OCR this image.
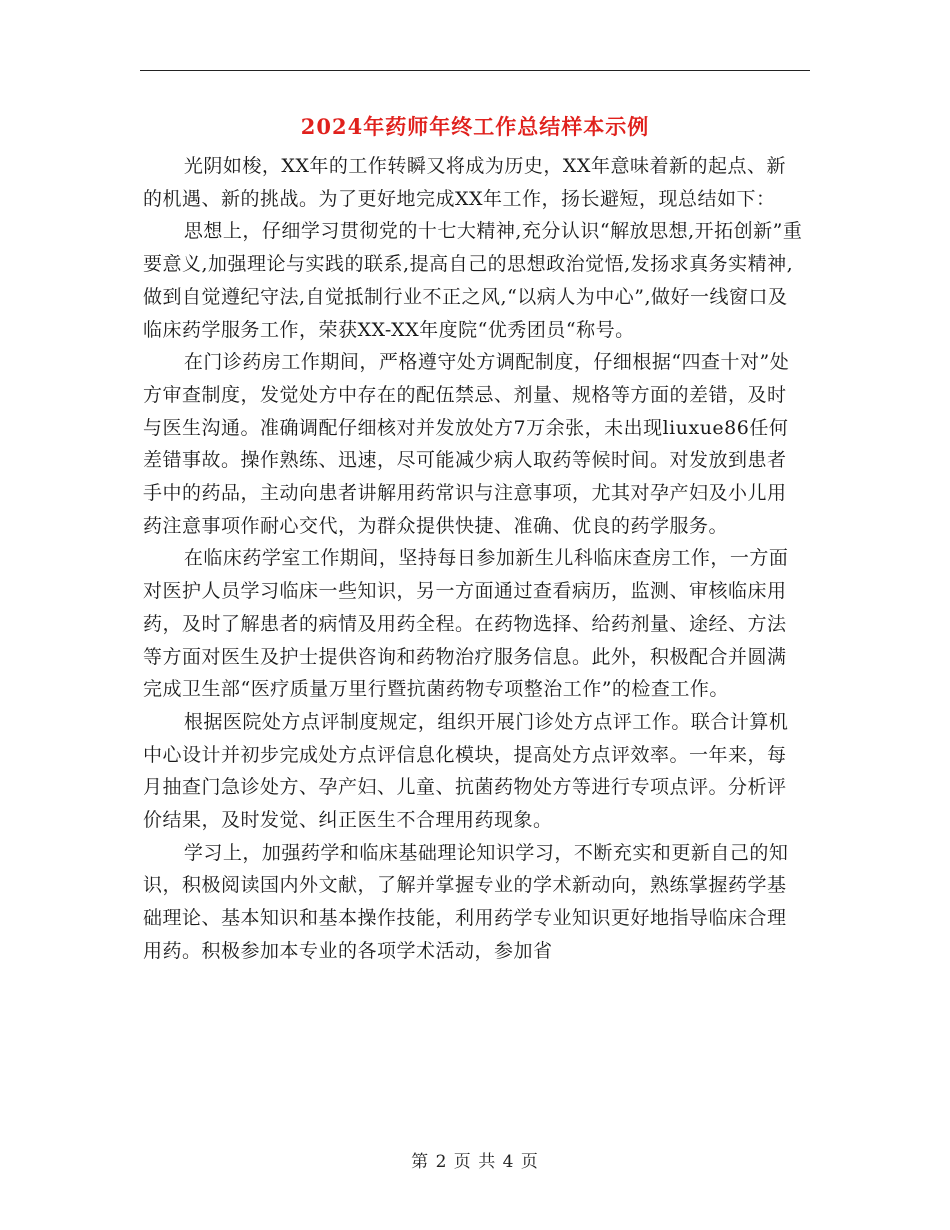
2024年药师年终工作总结样本示例

光阴如梭，XX年的工作转瞬又将成为历史，XX年意味着新的起点、新的机遇、新的挑战。为了更好地完成XX年工作，扬长避短，现总结如下：

思想上，仔细学习贯彻党的十七大精神,充分认识“解放思想,开拓创新”重要意义,加强理论与实践的联系,提高自己的思想政治觉悟,发扬求真务实精神,做到自觉遵纪守法,自觉抵制行业不正之风,“以病人为中心”,做好一线窗口及临床药学服务工作，荣获XX-XX年度院“优秀团员“称号。

在门诊药房工作期间，严格遵守处方调配制度，仔细根据“四查十对”处方审查制度，发觉处方中存在的配伍禁忌、剂量、规格等方面的差错，及时与医生沟通。准确调配仔细核对并发放处方7万余张，未出现liuxue86任何差错事故。操作熟练、迅速，尽可能减少病人取药等候时间。对发放到患者手中的药品，主动向患者讲解用药常识与注意事项，尤其对孕产妇及小儿用药注意事项作耐心交代，为群众提供快捷、准确、优良的药学服务。

在临床药学室工作期间，坚持每日参加新生儿科临床查房工作，一方面对医护人员学习临床一些知识，另一方面通过查看病历，监测、审核临床用药，及时了解患者的病情及用药全程。在药物选择、给药剂量、途经、方法等方面对医生及护士提供咨询和药物治疗服务信息。此外，积极配合并圆满完成卫生部“医疗质量万里行暨抗菌药物专项整治工作”的检查工作。

根据医院处方点评制度规定，组织开展门诊处方点评工作。联合计算机中心设计并初步完成处方点评信息化模块，提高处方点评效率。一年来，每月抽查门急诊处方、孕产妇、儿童、抗菌药物处方等进行专项点评。分析评价结果，及时发觉、纠正医生不合理用药现象。

学习上，加强药学和临床基础理论知识学习，不断充实和更新自己的知识，积极阅读国内外文献，了解并掌握专业的学术新动向，熟练掌握药学基础理论、基本知识和基本操作技能，利用药学专业知识更好地指导临床合理用药。积极参加本专业的各项学术活动，参加省

第 2 页 共 4 页
